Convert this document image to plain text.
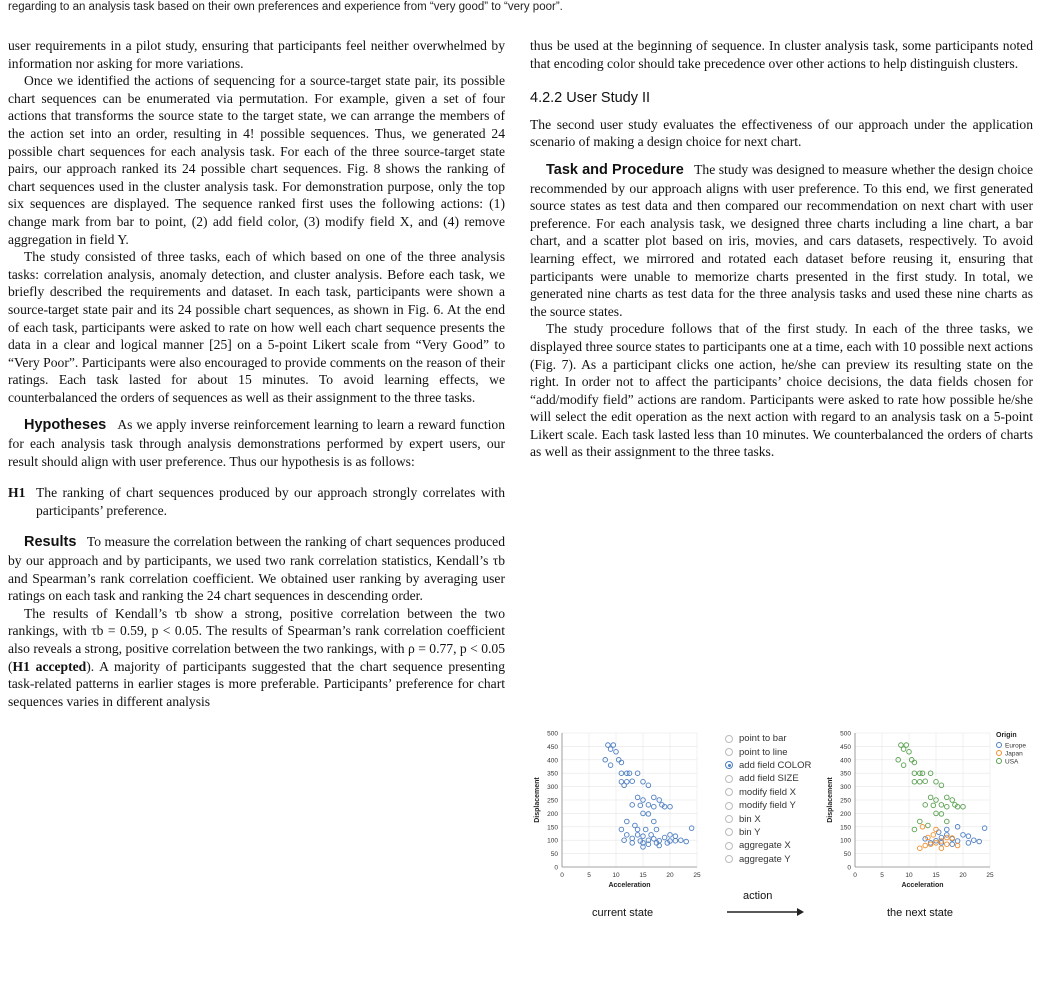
regarding to an analysis task based on their own preferences and experience from “very good” to “very poor”.

user requirements in a pilot study, ensuring that participants feel neither overwhelmed by information nor asking for more variations.

Once we identified the actions of sequencing for a source-target state pair, its possible chart sequences can be enumerated via permutation. For example, given a set of four actions that transforms the source state to the target state, we can arrange the members of the action set into an order, resulting in 4! possible sequences. Thus, we generated 24 possible chart sequences for each analysis task. For each of the three source-target state pairs, our approach ranked its 24 possible chart sequences. Fig. 8 shows the ranking of chart sequences used in the cluster analysis task. For demonstration purpose, only the top six sequences are displayed. The sequence ranked first uses the following actions: (1) change mark from bar to point, (2) add field color, (3) modify field X, and (4) remove aggregation in field Y.

The study consisted of three tasks, each of which based on one of the three analysis tasks: correlation analysis, anomaly detection, and cluster analysis. Before each task, we briefly described the requirements and dataset. In each task, participants were shown a source-target state pair and its 24 possible chart sequences, as shown in Fig. 6. At the end of each task, participants were asked to rate on how well each chart sequence presents the data in a clear and logical manner [25] on a 5-point Likert scale from “Very Good” to “Very Poor”. Participants were also encouraged to provide comments on the reason of their ratings. Each task lasted for about 15 minutes. To avoid learning effects, we counterbalanced the orders of sequences as well as their assignment to the three tasks.

Hypotheses As we apply inverse reinforcement learning to learn a reward function for each analysis task through analysis demonstrations performed by expert users, our result should align with user preference. Thus our hypothesis is as follows:

H1 The ranking of chart sequences produced by our approach strongly correlates with participants’ preference.

Results To measure the correlation between the ranking of chart sequences produced by our approach and by participants, we used two rank correlation statistics, Kendall’s τb and Spearman’s rank correlation coefficient. We obtained user ranking by averaging user ratings on each task and ranking the 24 chart sequences in descending order.

The results of Kendall’s τb show a strong, positive correlation between the two rankings, with τb = 0.59, p < 0.05. The results of Spearman’s rank correlation coefficient also reveals a strong, positive correlation between the two rankings, with ρ = 0.77, p < 0.05 (H1 accepted). A majority of participants suggested that the chart sequence presenting task-related patterns in earlier stages is more preferable. Participants’ preference for chart sequences varies in different analysis

thus be used at the beginning of sequence. In cluster analysis task, some participants noted that encoding color should take precedence over other actions to help distinguish clusters.

4.2.2 User Study II

The second user study evaluates the effectiveness of our approach under the application scenario of making a design choice for next chart.

Task and Procedure The study was designed to measure whether the design choice recommended by our approach aligns with user preference. To this end, we first generated source states as test data and then compared our recommendation on next chart with user preference. For each analysis task, we designed three charts including a line chart, a bar chart, and a scatter plot based on iris, movies, and cars datasets, respectively. To avoid learning effect, we mirrored and rotated each dataset before reusing it, ensuring that participants were unable to memorize charts presented in the first study. In total, we generated nine charts as test data for the three analysis tasks and used these nine charts as the source states.

The study procedure follows that of the first study. In each of the three tasks, we displayed three source states to participants one at a time, each with 10 possible next actions (Fig. 7). As a participant clicks one action, he/she can preview its resulting state on the right. In order not to affect the participants’ choice decisions, the data fields chosen for “add/modify field” actions are random. Participants were asked to rate how possible he/she will select the edit operation as the next action with regard to an analysis task on a 5-point Likert scale. Each task lasted less than 10 minutes. We counterbalanced the orders of charts as well as their assignment to the three tasks.

0
50
100
150
200
250
300
350
400
450
500
0	5	10	15	20	25
Acceleration
Displacement
point to bar
point to line
add field COLOR
add field SIZE
modify field X
modify field Y
bin X
bin Y
aggregate X
aggregate Y
0
50
100
150
200
250
300
350
400
450
500
0	5	10	15	20	25
Acceleration
Displacement
Origin
Europe
Japan
USA
current state
action
the next state
